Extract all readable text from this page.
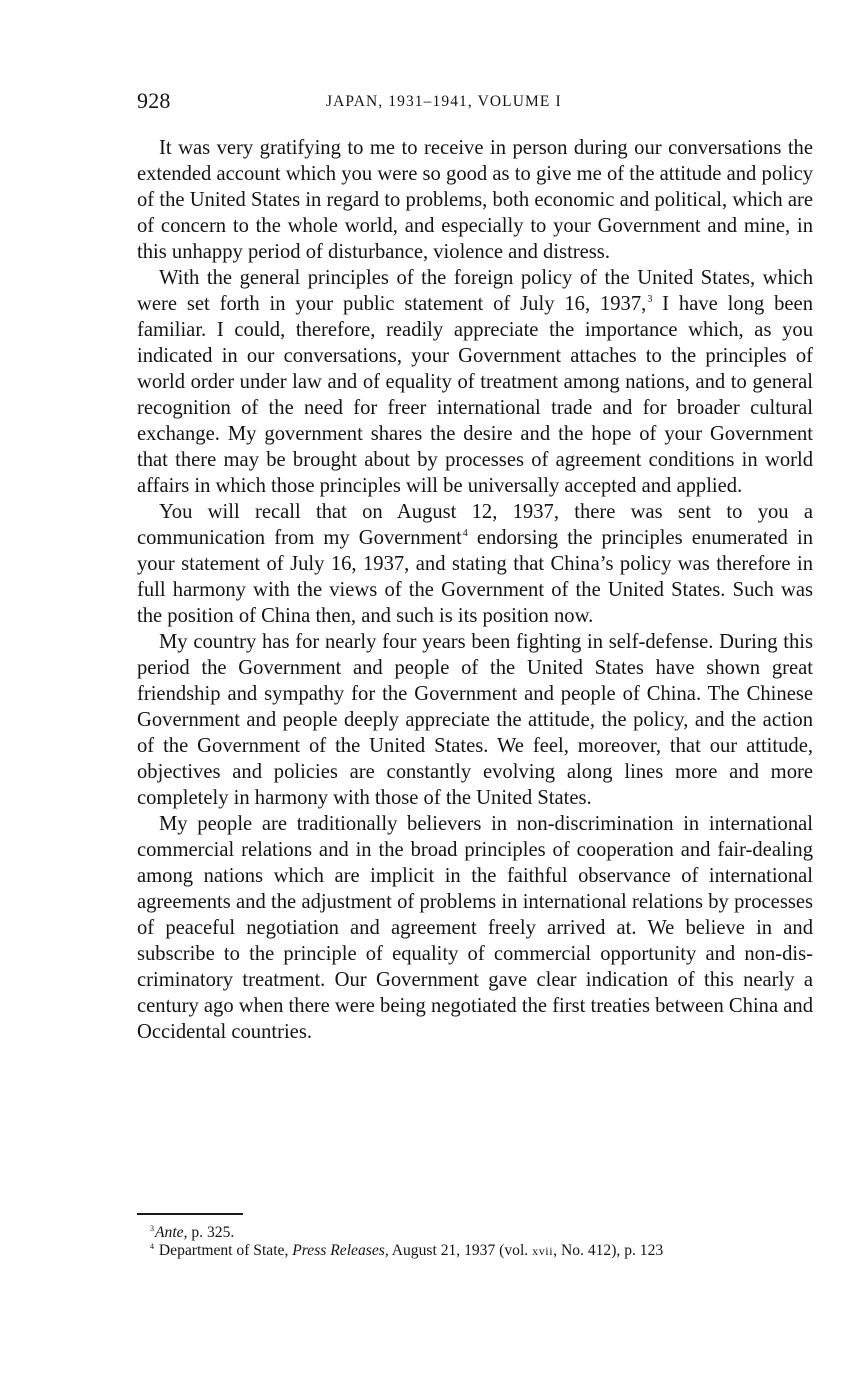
928	JAPAN, 1931–1941, VOLUME I

It was very gratifying to me to receive in person during our conversations the extended account which you were so good as to give me of the attitude and policy of the United States in regard to problems, both economic and political, which are of concern to the whole world, and especially to your Government and mine, in this unhappy period of disturbance, violence and distress.

With the general principles of the foreign policy of the United States, which were set forth in your public statement of July 16, 1937,$^3$ I have long been familiar. I could, therefore, readily appreciate the importance which, as you indicated in our conversations, your Government attaches to the principles of world order under law and of equality of treatment among nations, and to general recognition of the need for freer international trade and for broader cultural exchange. My government shares the desire and the hope of your Government that there may be brought about by processes of agreement conditions in world affairs in which those principles will be universally accepted and applied.

You will recall that on August 12, 1937, there was sent to you a communication from my Government$^4$ endorsing the principles enumerated in your statement of July 16, 1937, and stating that China’s policy was therefore in full harmony with the views of the Government of the United States. Such was the position of China then, and such is its position now.

My country has for nearly four years been fighting in self-defense. During this period the Government and people of the United States have shown great friendship and sympathy for the Government and people of China. The Chinese Government and people deeply appreciate the attitude, the policy, and the action of the Government of the United States. We feel, moreover, that our attitude, objectives and policies are constantly evolving along lines more and more completely in harmony with those of the United States.

My people are traditionally believers in non-discrimination in international commercial relations and in the broad principles of cooperation and fair-dealing among nations which are implicit in the faithful observance of international agreements and the adjustment of problems in international relations by processes of peaceful negotiation and agreement freely arrived at. We believe in and subscribe to the principle of equality of commercial opportunity and non-discriminatory treatment. Our Government gave clear indication of this nearly a century ago when there were being negotiated the first treaties between China and Occidental countries.

$^3$Ante, p. 325.
$^4$ Department of State, Press Releases, August 21, 1937 (vol. xvii, No. 412), p. 123
